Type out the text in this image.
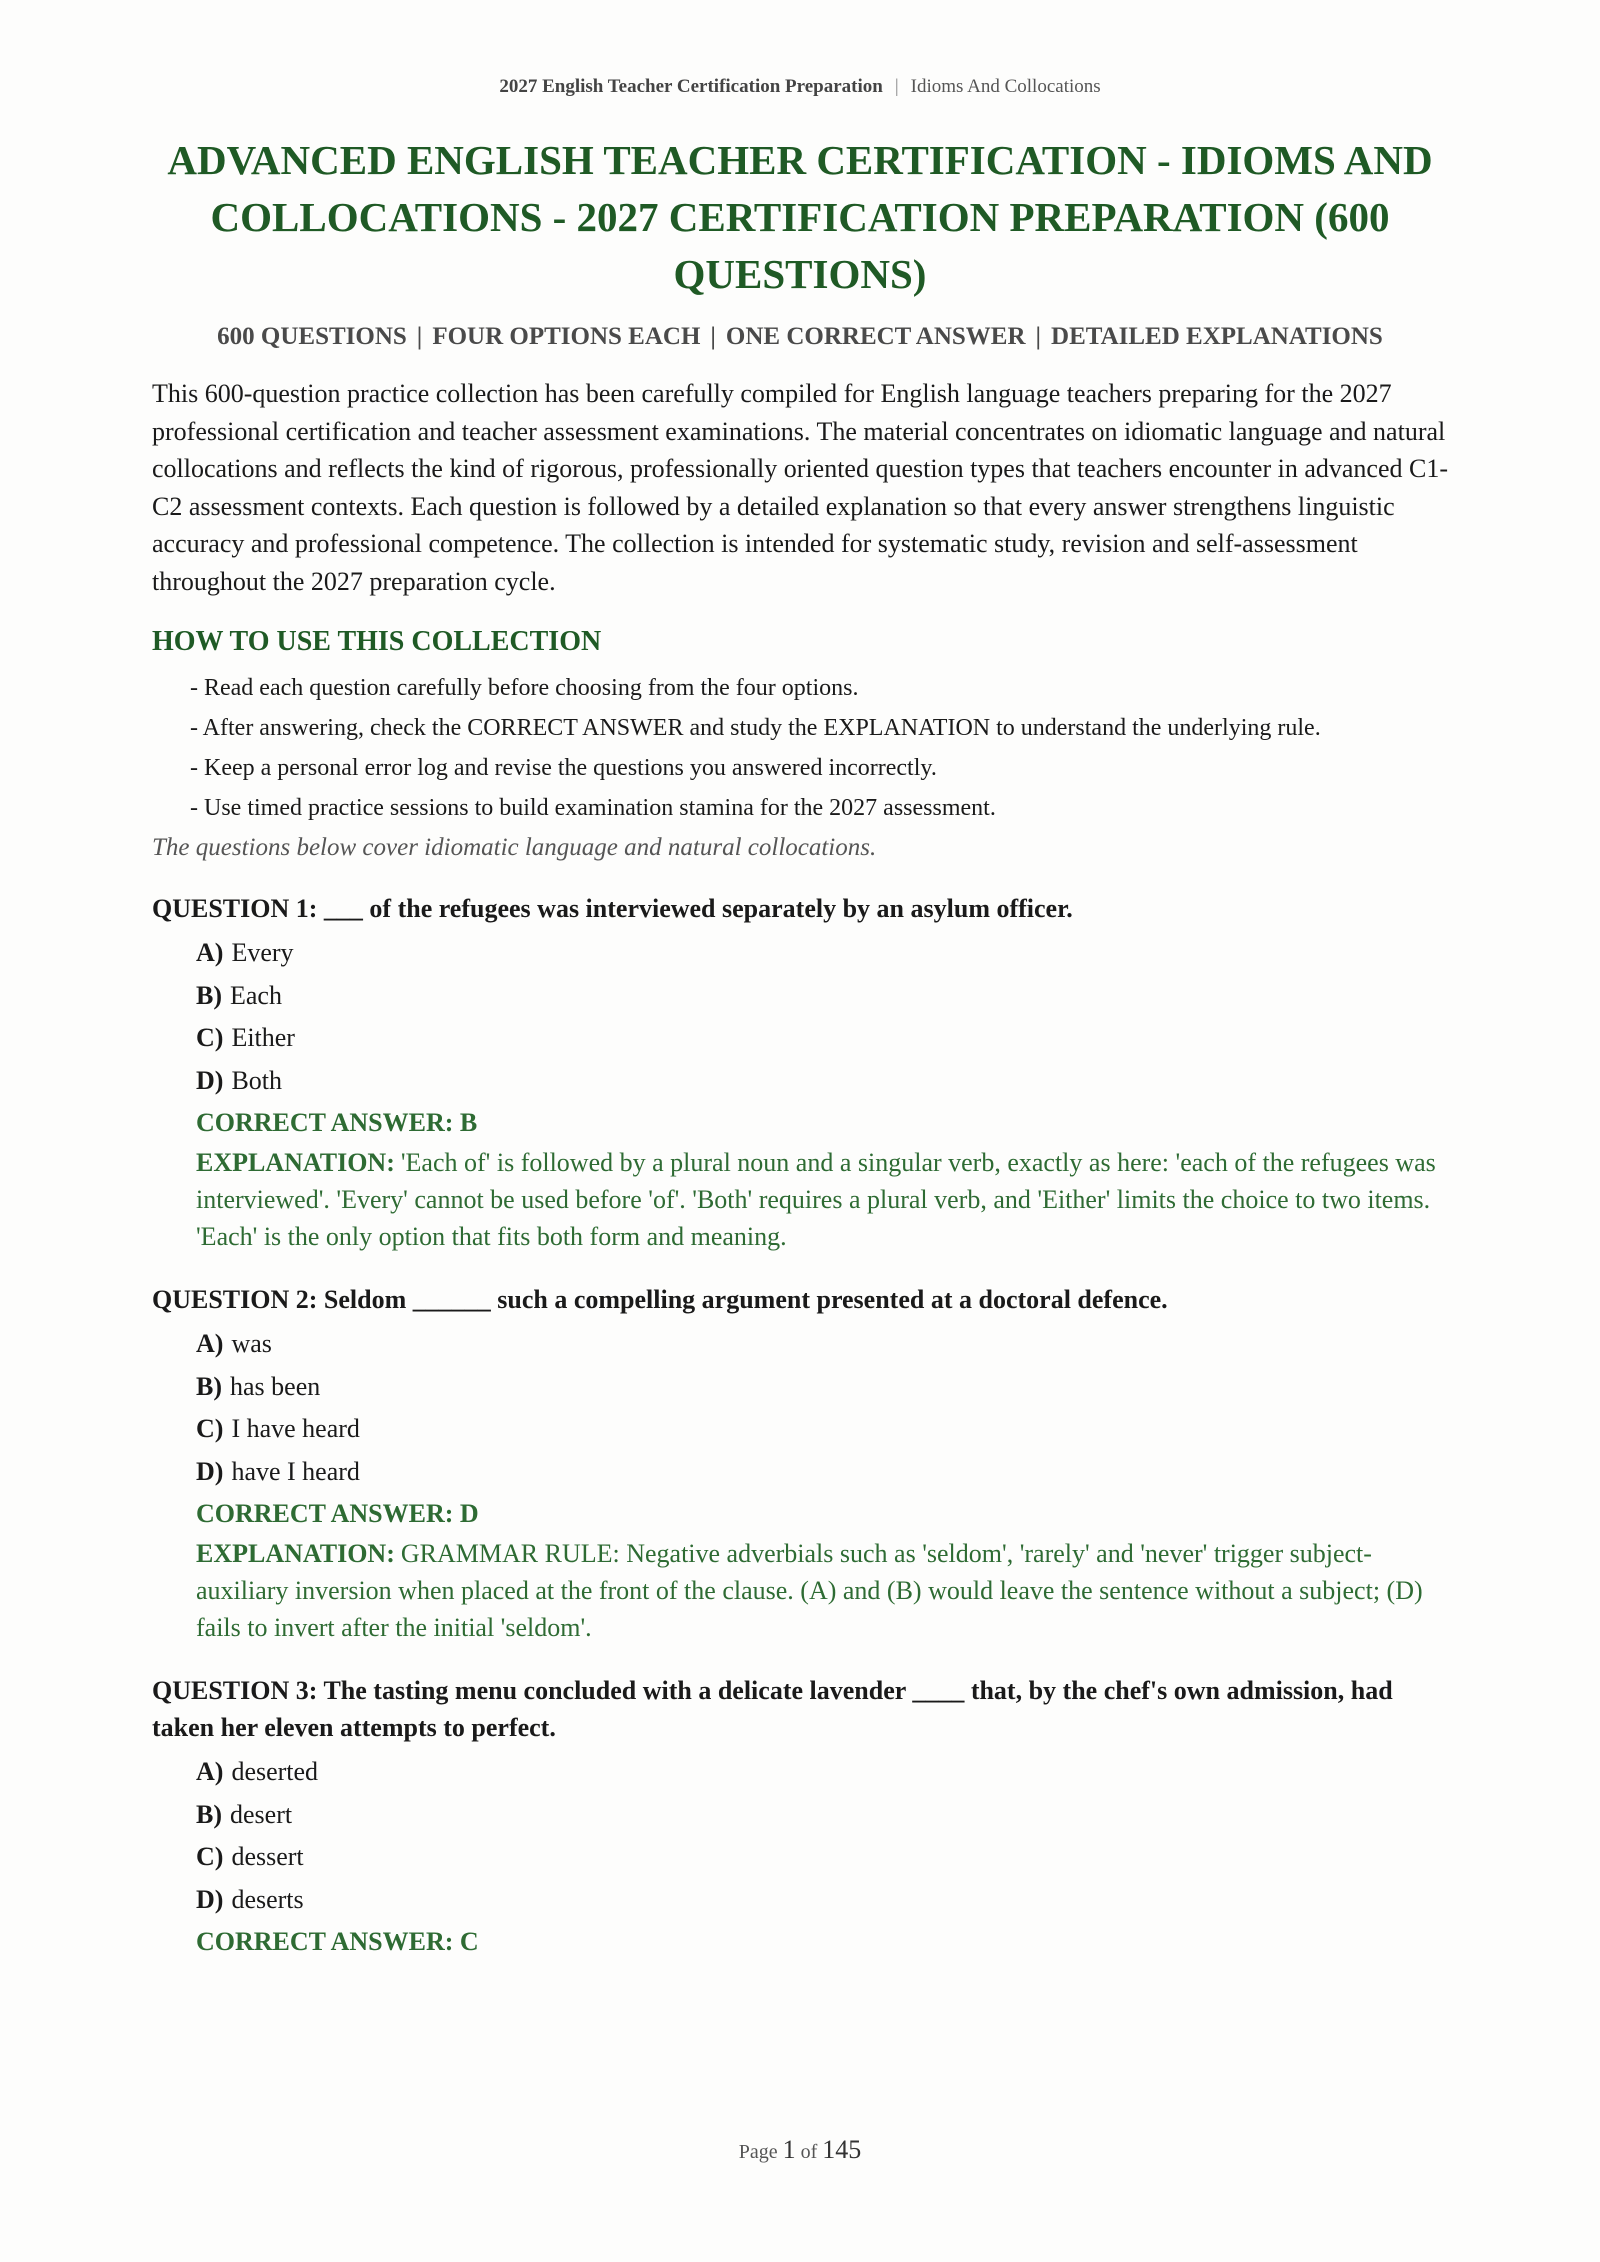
2027 English Teacher Certification Preparation | Idioms And Collocations
ADVANCED ENGLISH TEACHER CERTIFICATION - IDIOMS AND COLLOCATIONS - 2027 CERTIFICATION PREPARATION (600 QUESTIONS)
600 QUESTIONS | FOUR OPTIONS EACH | ONE CORRECT ANSWER | DETAILED EXPLANATIONS

This 600-question practice collection has been carefully compiled for English language teachers preparing for the 2027 professional certification and teacher assessment examinations. The material concentrates on idiomatic language and natural collocations and reflects the kind of rigorous, professionally oriented question types that teachers encounter in advanced C1-C2 assessment contexts. Each question is followed by a detailed explanation so that every answer strengthens linguistic accuracy and professional competence. The collection is intended for systematic study, revision and self-assessment throughout the 2027 preparation cycle.

HOW TO USE THIS COLLECTION
- Read each question carefully before choosing from the four options.
- After answering, check the CORRECT ANSWER and study the EXPLANATION to understand the underlying rule.
- Keep a personal error log and revise the questions you answered incorrectly.
- Use timed practice sessions to build examination stamina for the 2027 assessment.
The questions below cover idiomatic language and natural collocations.
QUESTION 1: ___ of the refugees was interviewed separately by an asylum officer.
A) Every
B) Each
C) Either
D) Both
CORRECT ANSWER: B
EXPLANATION: 'Each of' is followed by a plural noun and a singular verb, exactly as here: 'each of the refugees was interviewed'. 'Every' cannot be used before 'of'. 'Both' requires a plural verb, and 'Either' limits the choice to two items. 'Each' is the only option that fits both form and meaning.
QUESTION 2: Seldom ______ such a compelling argument presented at a doctoral defence.
A) was
B) has been
C) I have heard
D) have I heard
CORRECT ANSWER: D
EXPLANATION: GRAMMAR RULE: Negative adverbials such as 'seldom', 'rarely' and 'never' trigger subject-auxiliary inversion when placed at the front of the clause. (A) and (B) would leave the sentence without a subject; (D) fails to invert after the initial 'seldom'.
QUESTION 3: The tasting menu concluded with a delicate lavender ____ that, by the chef's own admission, had taken her eleven attempts to perfect.
A) deserted
B) desert
C) dessert
D) deserts
CORRECT ANSWER: C
Page 1 of 145
